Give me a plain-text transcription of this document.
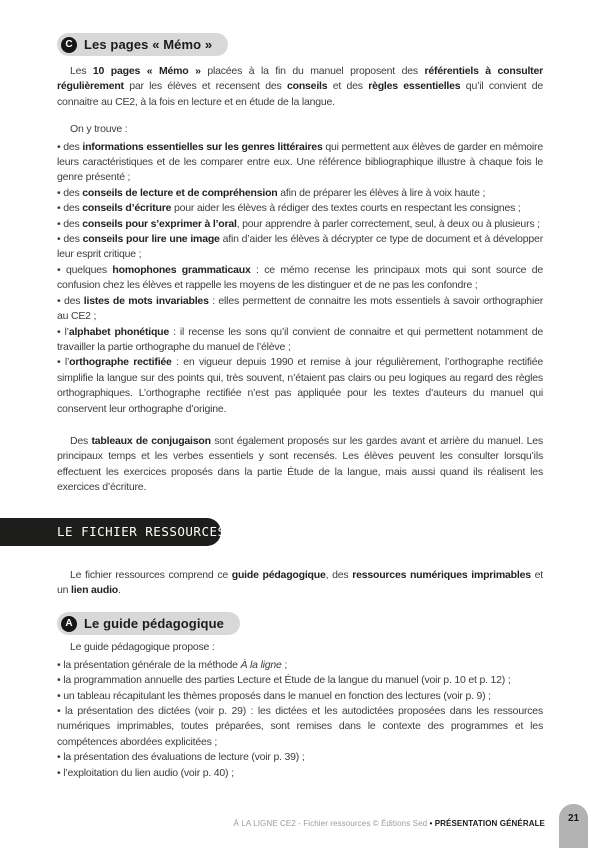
C Les pages « Mémo »

Les 10 pages « Mémo » placées à la fin du manuel proposent des référentiels à consulter régulièrement par les élèves et recensent des conseils et des règles essentielles qu’il convient de connaitre au CE2, à la fois en lecture et en étude de la langue.

On y trouve :

• des informations essentielles sur les genres littéraires qui permettent aux élèves de garder en mémoire leurs caractéristiques et de les comparer entre eux. Une référence bibliographique illustre à chaque fois le genre présenté ;

• des conseils de lecture et de compréhension afin de préparer les élèves à lire à voix haute ;

• des conseils d’écriture pour aider les élèves à rédiger des textes courts en respectant les consignes ;

• des conseils pour s’exprimer à l’oral, pour apprendre à parler correctement, seul, à deux ou à plusieurs ;

• des conseils pour lire une image afin d’aider les élèves à décrypter ce type de document et à développer leur esprit critique ;

• quelques homophones grammaticaux : ce mémo recense les principaux mots qui sont source de confusion chez les élèves et rappelle les moyens de les distinguer et de ne pas les confondre ;

• des listes de mots invariables : elles permettent de connaitre les mots essentiels à savoir orthographier au CE2 ;

• l’alphabet phonétique : il recense les sons qu’il convient de connaitre et qui permettent notamment de travailler la partie orthographe du manuel de l’élève ;

• l’orthographe rectifiée : en vigueur depuis 1990 et remise à jour régulièrement, l’orthographe rectifiée simplifie la langue sur des points qui, très souvent, n’étaient pas clairs ou peu logiques au regard des règles orthographiques. L’orthographe rectifiée n’est pas appliquée pour les textes d’auteurs du manuel qui conservent leur orthographe d’origine.

Des tableaux de conjugaison sont également proposés sur les gardes avant et arrière du manuel. Les principaux temps et les verbes essentiels y sont recensés. Les élèves peuvent les consulter lorsqu’ils effectuent les exercices proposés dans la partie Étude de la langue, mais aussi quand ils réalisent les exercices d’écriture.

LE FICHIER RESSOURCES

Le fichier ressources comprend ce guide pédagogique, des ressources numériques imprimables et un lien audio.

A Le guide pédagogique

Le guide pédagogique propose :

• la présentation générale de la méthode À la ligne ;

• la programmation annuelle des parties Lecture et Étude de la langue du manuel (voir p. 10 et p. 12) ;

• un tableau récapitulant les thèmes proposés dans le manuel en fonction des lectures (voir p. 9) ;

• la présentation des dictées (voir p. 29) : les dictées et les autodictées proposées dans les ressources numériques imprimables, toutes préparées, sont remises dans le contexte des programmes et les compétences abordées explicitées ;

• la présentation des évaluations de lecture (voir p. 39) ;

• l’exploitation du lien audio (voir p. 40) ;

À LA LIGNE CE2 - Fichier ressources © Éditions Sed • PRÉSENTATION GÉNÉRALE	21
